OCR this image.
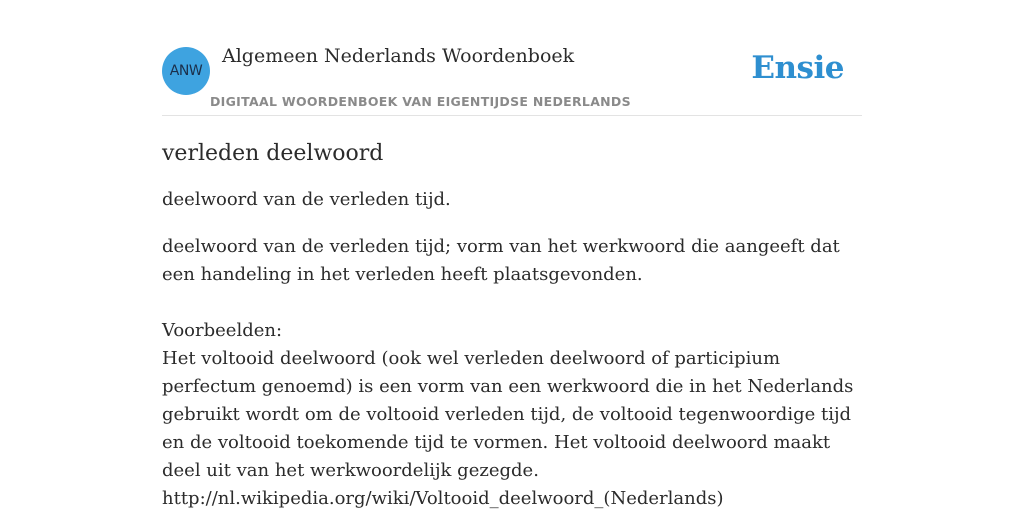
ANW
Algemeen Nederlands Woordenboek
DIGITAAL WOORDENBOEK VAN EIGENTIJDSE NEDERLANDS
Ensie
verleden deelwoord

deelwoord van de verleden tijd.

deelwoord van de verleden tijd; vorm van het werkwoord die aangeeft dat een handeling in het verleden heeft plaatsgevonden.

Voorbeelden:
Het voltooid deelwoord (ook wel verleden deelwoord of participium perfectum genoemd) is een vorm van een werkwoord die in het Nederlands gebruikt wordt om de voltooid verleden tijd, de voltooid tegenwoordige tijd en de voltooid toekomende tijd te vormen. Het voltooid deelwoord maakt deel uit van het werkwoordelijk gezegde.
http://nl.wikipedia.org/wiki/Voltooid_deelwoord_(Nederlands)
